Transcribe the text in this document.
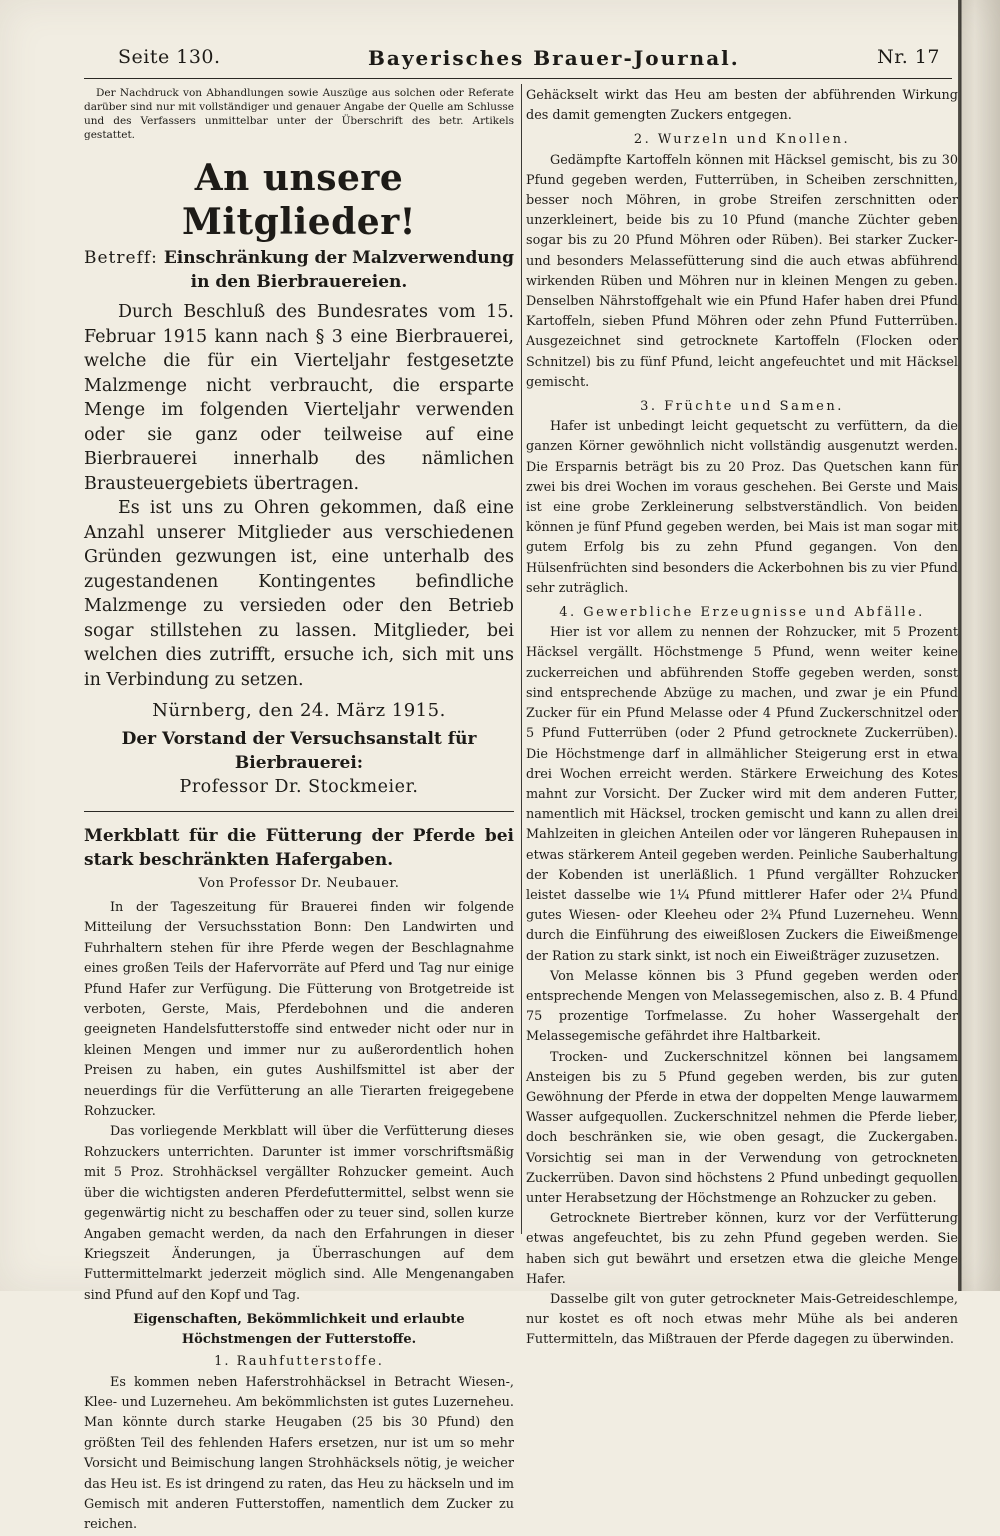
Seite 130.	Bayerisches Brauer-Journal.	Nr. 17

Der Nachdruck von Abhandlungen sowie Auszüge aus solchen oder Referate darüber sind nur mit vollständiger und genauer Angabe der Quelle am Schlusse und des Verfassers unmittelbar unter der Überschrift des betr. Artikels gestattet.

An unsere Mitglieder!
Betreff: Einschränkung der Malzverwendung in den Bierbrauereien.

Durch Beschluß des Bundesrates vom 15. Februar 1915 kann nach § 3 eine Bierbrauerei, welche die für ein Vierteljahr festgesetzte Malzmenge nicht verbraucht, die ersparte Menge im folgenden Vierteljahr verwenden oder sie ganz oder teilweise auf eine Bierbrauerei innerhalb des nämlichen Brausteuergebiets übertragen.

Es ist uns zu Ohren gekommen, daß eine Anzahl unserer Mitglieder aus verschiedenen Gründen gezwungen ist, eine unterhalb des zugestandenen Kontingentes befindliche Malzmenge zu versieden oder den Betrieb sogar stillstehen zu lassen. Mitglieder, bei welchen dies zutrifft, ersuche ich, sich mit uns in Verbindung zu setzen.

Nürnberg, den 24. März 1915.
Der Vorstand der Versuchsanstalt für Bierbrauerei:
Professor Dr. Stockmeier.
Merkblatt für die Fütterung der Pferde bei stark beschränkten Hafergaben.
Von Professor Dr. Neubauer.

In der Tageszeitung für Brauerei finden wir folgende Mitteilung der Versuchsstation Bonn: Den Landwirten und Fuhrhaltern stehen für ihre Pferde wegen der Beschlagnahme eines großen Teils der Hafervorräte auf Pferd und Tag nur einige Pfund Hafer zur Verfügung. Die Fütterung von Brotgetreide ist verboten, Gerste, Mais, Pferdebohnen und die anderen geeigneten Handelsfutterstoffe sind entweder nicht oder nur in kleinen Mengen und immer nur zu außerordentlich hohen Preisen zu haben, ein gutes Aushilfsmittel ist aber der neuerdings für die Verfütterung an alle Tierarten freigegebene Rohzucker.

Das vorliegende Merkblatt will über die Verfütterung dieses Rohzuckers unterrichten. Darunter ist immer vorschriftsmäßig mit 5 Proz. Strohhäcksel vergällter Rohzucker gemeint. Auch über die wichtigsten anderen Pferdefuttermittel, selbst wenn sie gegenwärtig nicht zu beschaffen oder zu teuer sind, sollen kurze Angaben gemacht werden, da nach den Erfahrungen in dieser Kriegszeit Änderungen, ja Überraschungen auf dem Futtermittelmarkt jederzeit möglich sind. Alle Mengenangaben sind Pfund auf den Kopf und Tag.

Eigenschaften, Bekömmlichkeit und erlaubte Höchstmengen der Futterstoffe.
1. Rauhfutterstoffe.

Es kommen neben Haferstrohhäcksel in Betracht Wiesen-, Klee- und Luzerneheu. Am bekömmlichsten ist gutes Luzerneheu. Man könnte durch starke Heugaben (25 bis 30 Pfund) den größten Teil des fehlenden Hafers ersetzen, nur ist um so mehr Vorsicht und Beimischung langen Strohhäcksels nötig, je weicher das Heu ist. Es ist dringend zu raten, das Heu zu häckseln und im Gemisch mit anderen Futterstoffen, namentlich dem Zucker zu reichen.

Gehäckselt wirkt das Heu am besten der abführenden Wirkung des damit gemengten Zuckers entgegen.

2. Wurzeln und Knollen.

Gedämpfte Kartoffeln können mit Häcksel gemischt, bis zu 30 Pfund gegeben werden, Futterrüben, in Scheiben zerschnitten, besser noch Möhren, in grobe Streifen zerschnitten oder unzerkleinert, beide bis zu 10 Pfund (manche Züchter geben sogar bis zu 20 Pfund Möhren oder Rüben). Bei starker Zucker- und besonders Melassefütterung sind die auch etwas abführend wirkenden Rüben und Möhren nur in kleinen Mengen zu geben. Denselben Nährstoffgehalt wie ein Pfund Hafer haben drei Pfund Kartoffeln, sieben Pfund Möhren oder zehn Pfund Futterrüben. Ausgezeichnet sind getrocknete Kartoffeln (Flocken oder Schnitzel) bis zu fünf Pfund, leicht angefeuchtet und mit Häcksel gemischt.

3. Früchte und Samen.

Hafer ist unbedingt leicht gequetscht zu verfüttern, da die ganzen Körner gewöhnlich nicht vollständig ausgenutzt werden. Die Ersparnis beträgt bis zu 20 Proz. Das Quetschen kann für zwei bis drei Wochen im voraus geschehen. Bei Gerste und Mais ist eine grobe Zerkleinerung selbstverständlich. Von beiden können je fünf Pfund gegeben werden, bei Mais ist man sogar mit gutem Erfolg bis zu zehn Pfund gegangen. Von den Hülsenfrüchten sind besonders die Ackerbohnen bis zu vier Pfund sehr zuträglich.

4. Gewerbliche Erzeugnisse und Abfälle.

Hier ist vor allem zu nennen der Rohzucker, mit 5 Prozent Häcksel vergällt. Höchstmenge 5 Pfund, wenn weiter keine zuckerreichen und abführenden Stoffe gegeben werden, sonst sind entsprechende Abzüge zu machen, und zwar je ein Pfund Zucker für ein Pfund Melasse oder 4 Pfund Zuckerschnitzel oder 5 Pfund Futterrüben (oder 2 Pfund getrocknete Zuckerrüben). Die Höchstmenge darf in allmählicher Steigerung erst in etwa drei Wochen erreicht werden. Stärkere Erweichung des Kotes mahnt zur Vorsicht. Der Zucker wird mit dem anderen Futter, namentlich mit Häcksel, trocken gemischt und kann zu allen drei Mahlzeiten in gleichen Anteilen oder vor längeren Ruhepausen in etwas stärkerem Anteil gegeben werden. Peinliche Sauberhaltung der Kobenden ist unerläßlich. 1 Pfund vergällter Rohzucker leistet dasselbe wie 1¼ Pfund mittlerer Hafer oder 2¼ Pfund gutes Wiesen- oder Kleeheu oder 2¾ Pfund Luzerneheu. Wenn durch die Einführung des eiweißlosen Zuckers die Eiweißmenge der Ration zu stark sinkt, ist noch ein Eiweißträger zuzusetzen.

Von Melasse können bis 3 Pfund gegeben werden oder entsprechende Mengen von Melassegemischen, also z. B. 4 Pfund 75 prozentige Torfmelasse. Zu hoher Wassergehalt der Melassegemische gefährdet ihre Haltbarkeit.

Trocken- und Zuckerschnitzel können bei langsamem Ansteigen bis zu 5 Pfund gegeben werden, bis zur guten Gewöhnung der Pferde in etwa der doppelten Menge lauwarmem Wasser aufgequollen. Zuckerschnitzel nehmen die Pferde lieber, doch beschränken sie, wie oben gesagt, die Zuckergaben. Vorsichtig sei man in der Verwendung von getrockneten Zuckerrüben. Davon sind höchstens 2 Pfund unbedingt gequollen unter Herabsetzung der Höchstmenge an Rohzucker zu geben.

Getrocknete Biertreber können, kurz vor der Verfütterung etwas angefeuchtet, bis zu zehn Pfund gegeben werden. Sie haben sich gut bewährt und ersetzen etwa die gleiche Menge Hafer.

Dasselbe gilt von guter getrockneter Mais-Getreideschlempe, nur kostet es oft noch etwas mehr Mühe als bei anderen Futtermitteln, das Mißtrauen der Pferde dagegen zu überwinden.
